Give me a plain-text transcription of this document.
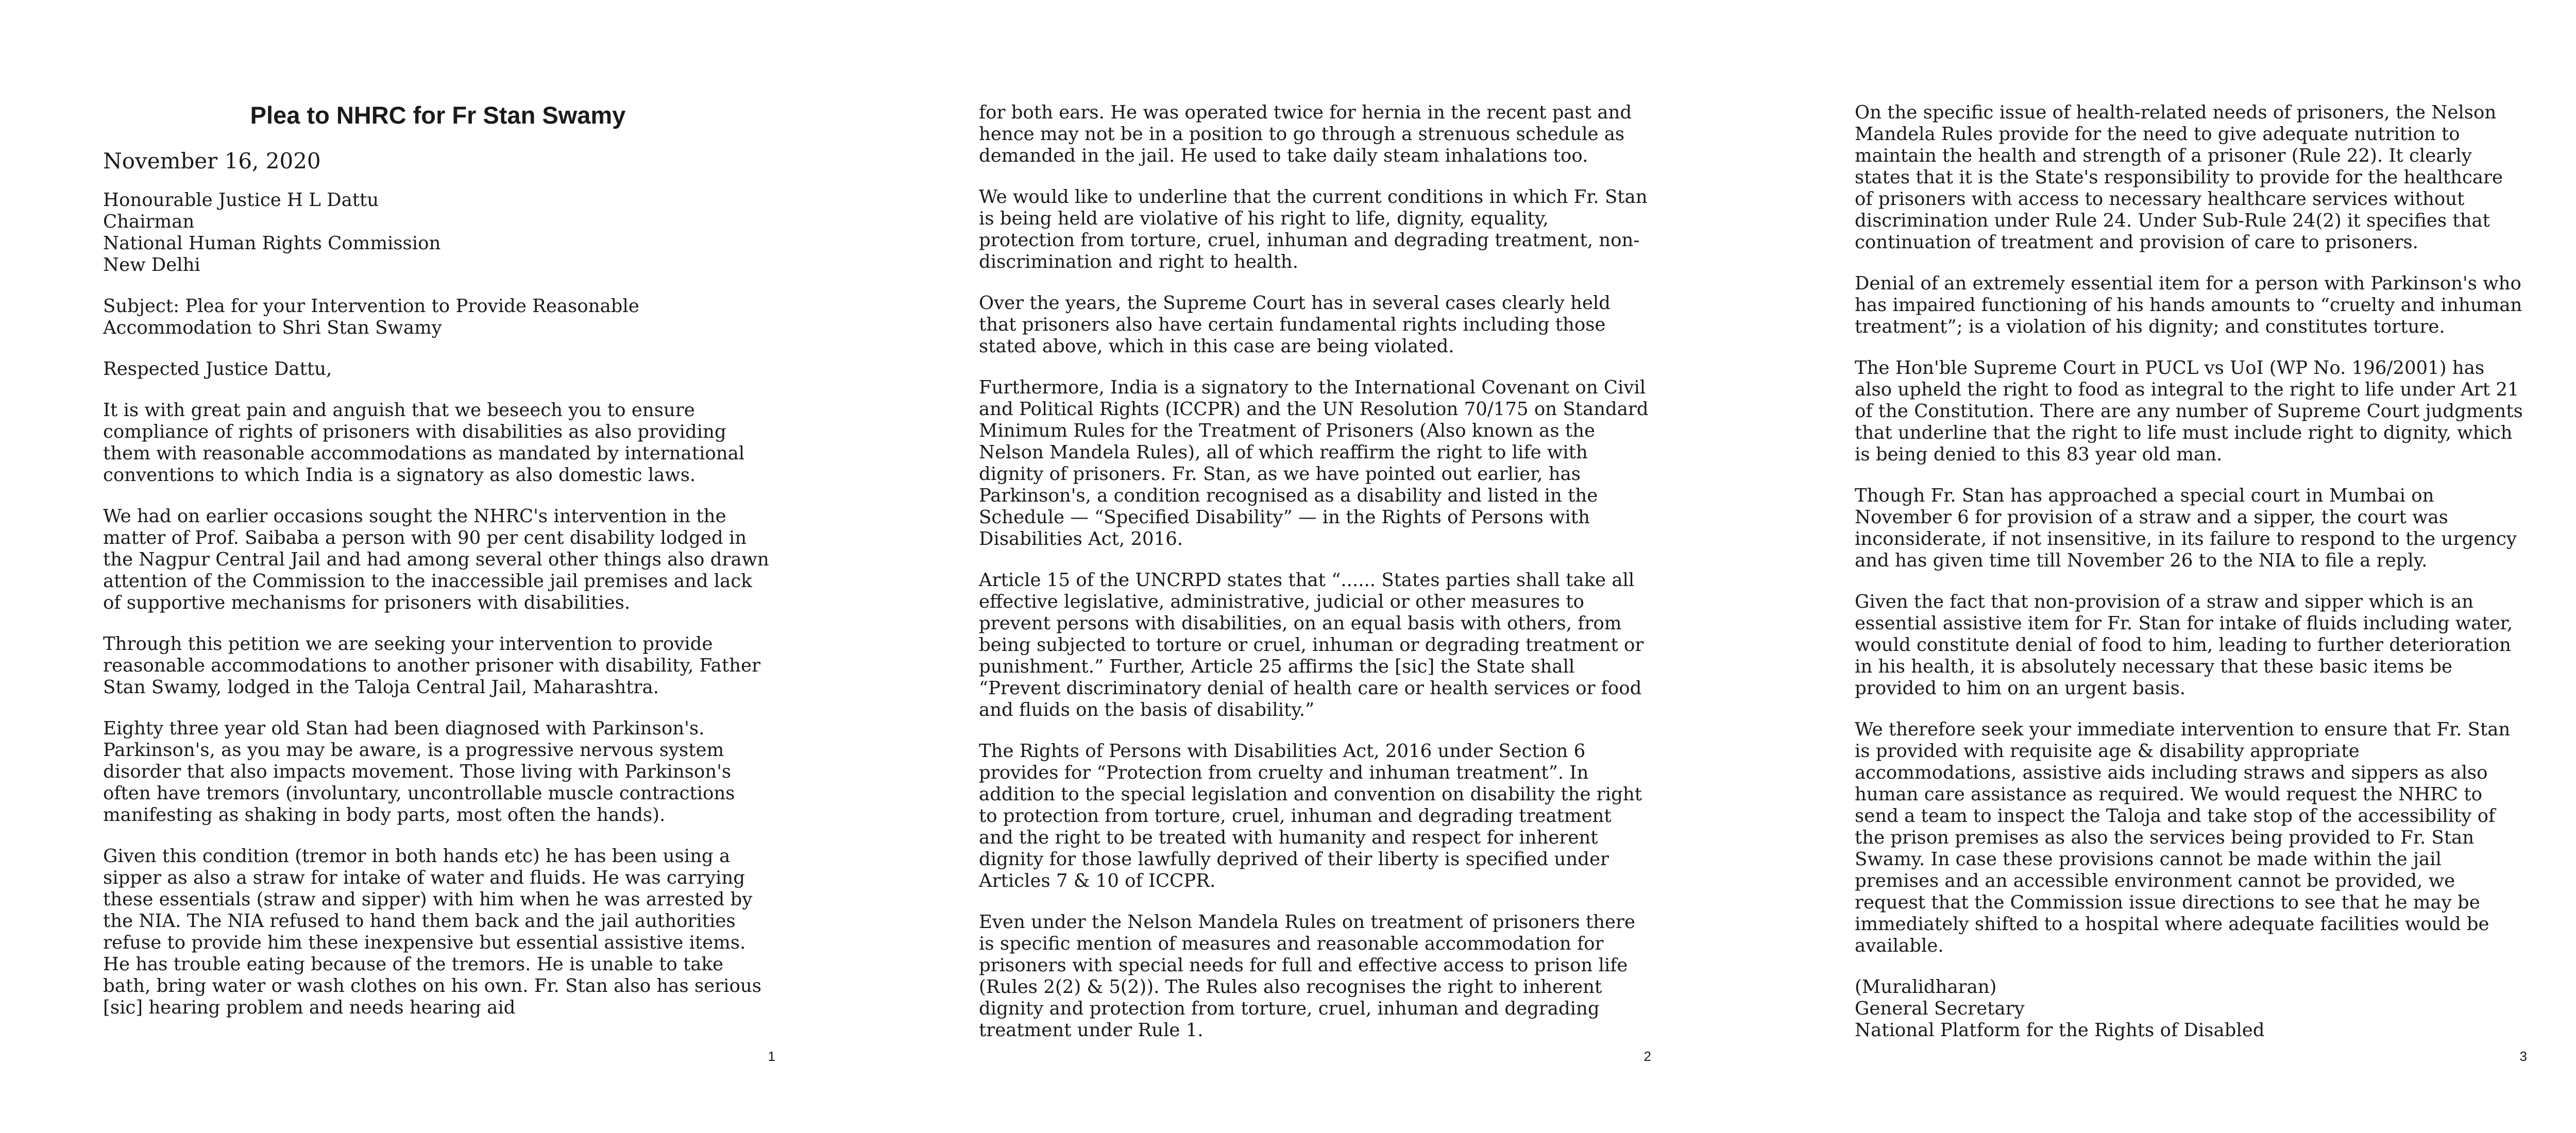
Plea to NHRC for Fr Stan Swamy
November 16, 2020
Honourable Justice H L Dattu
Chairman
National Human Rights Commission
New Delhi

Subject: Plea for your Intervention to Provide Reasonable Accommodation to Shri Stan Swamy

Respected Justice Dattu,

It is with great pain and anguish that we beseech you to ensure compliance of rights of prisoners with disabilities as also providing them with reasonable accommodations as mandated by international conventions to which India is a signatory as also domestic laws.

We had on earlier occasions sought the NHRC's intervention in the matter of Prof. Saibaba a person with 90 per cent disability lodged in the Nagpur Central Jail and had among several other things also drawn attention of the Commission to the inaccessible jail premises and lack of supportive mechanisms for prisoners with disabilities.

Through this petition we are seeking your intervention to provide reasonable accommodations to another prisoner with disability, Father Stan Swamy, lodged in the Taloja Central Jail, Maharashtra.

Eighty three year old Stan had been diagnosed with Parkinson's. Parkinson's, as you may be aware, is a progressive nervous system disorder that also impacts movement. Those living with Parkinson's often have tremors (involuntary, uncontrollable muscle contractions manifesting as shaking in body parts, most often the hands).

Given this condition (tremor in both hands etc) he has been using a sipper as also a straw for intake of water and fluids. He was carrying these essentials (straw and sipper) with him when he was arrested by the NIA. The NIA refused to hand them back and the jail authorities refuse to provide him these inexpensive but essential assistive items. He has trouble eating because of the tremors. He is unable to take bath, bring water or wash clothes on his own. Fr. Stan also has serious [sic] hearing problem and needs hearing aid

1

for both ears. He was operated twice for hernia in the recent past and hence may not be in a position to go through a strenuous schedule as demanded in the jail. He used to take daily steam inhalations too.

We would like to underline that the current conditions in which Fr. Stan is being held are violative of his right to life, dignity, equality, protection from torture, cruel, inhuman and degrading treatment, non-discrimination and right to health.

Over the years, the Supreme Court has in several cases clearly held that prisoners also have certain fundamental rights including those stated above, which in this case are being violated.

Furthermore, India is a signatory to the International Covenant on Civil and Political Rights (ICCPR) and the UN Resolution 70/175 on Standard Minimum Rules for the Treatment of Prisoners (Also known as the Nelson Mandela Rules), all of which reaffirm the right to life with dignity of prisoners. Fr. Stan, as we have pointed out earlier, has Parkinson's, a condition recognised as a disability and listed in the Schedule — “Specified Disability” — in the Rights of Persons with Disabilities Act, 2016.

Article 15 of the UNCRPD states that “...... States parties shall take all effective legislative, administrative, judicial or other measures to prevent persons with disabilities, on an equal basis with others, from being subjected to torture or cruel, inhuman or degrading treatment or punishment.” Further, Article 25 affirms the [sic] the State shall “Prevent discriminatory denial of health care or health services or food and fluids on the basis of disability.”

The Rights of Persons with Disabilities Act, 2016 under Section 6 provides for “Protection from cruelty and inhuman treatment”. In addition to the special legislation and convention on disability the right to protection from torture, cruel, inhuman and degrading treatment and the right to be treated with humanity and respect for inherent dignity for those lawfully deprived of their liberty is specified under Articles 7 & 10 of ICCPR.

Even under the Nelson Mandela Rules on treatment of prisoners there is specific mention of measures and reasonable accommodation for prisoners with special needs for full and effective access to prison life (Rules 2(2) & 5(2)). The Rules also recognises the right to inherent dignity and protection from torture, cruel, inhuman and degrading treatment under Rule 1.

2

On the specific issue of health-related needs of prisoners, the Nelson Mandela Rules provide for the need to give adequate nutrition to maintain the health and strength of a prisoner (Rule 22). It clearly states that it is the State's responsibility to provide for the healthcare of prisoners with access to necessary healthcare services without discrimination under Rule 24. Under Sub-Rule 24(2) it specifies that continuation of treatment and provision of care to prisoners.

Denial of an extremely essential item for a person with Parkinson's who has impaired functioning of his hands amounts to “cruelty and inhuman treatment”; is a violation of his dignity; and constitutes torture.

The Hon'ble Supreme Court in PUCL vs UoI (WP No. 196/2001) has also upheld the right to food as integral to the right to life under Art 21 of the Constitution. There are any number of Supreme Court judgments that underline that the right to life must include right to dignity, which is being denied to this 83 year old man.

Though Fr. Stan has approached a special court in Mumbai on November 6 for provision of a straw and a sipper, the court was inconsiderate, if not insensitive, in its failure to respond to the urgency and has given time till November 26 to the NIA to file a reply.

Given the fact that non-provision of a straw and sipper which is an essential assistive item for Fr. Stan for intake of fluids including water, would constitute denial of food to him, leading to further deterioration in his health, it is absolutely necessary that these basic items be provided to him on an urgent basis.

We therefore seek your immediate intervention to ensure that Fr. Stan is provided with requisite age & disability appropriate accommodations, assistive aids including straws and sippers as also human care assistance as required. We would request the NHRC to send a team to inspect the Taloja and take stop of the accessibility of the prison premises as also the services being provided to Fr. Stan Swamy. In case these provisions cannot be made within the jail premises and an accessible environment cannot be provided, we request that the Commission issue directions to see that he may be immediately shifted to a hospital where adequate facilities would be available.

(Muralidharan)
General Secretary
National Platform for the Rights of Disabled
3
